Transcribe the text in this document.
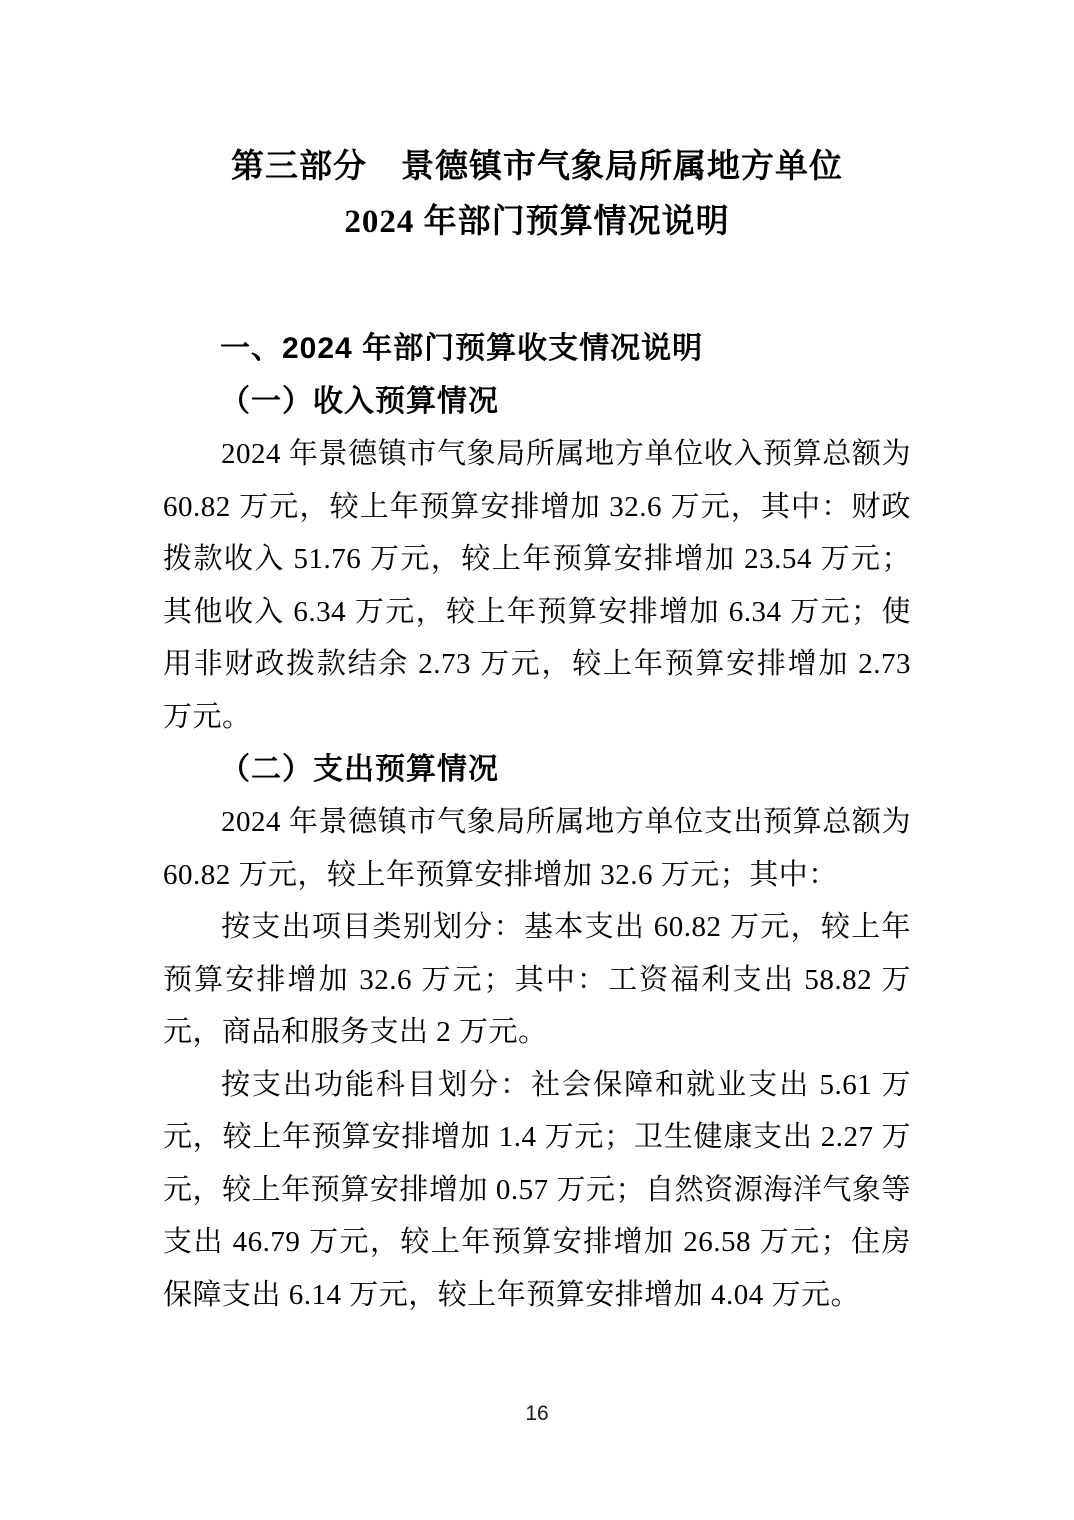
第三部分　景德镇市气象局所属地方单位
2024 年部门预算情况说明
一、2024 年部门预算收支情况说明
（一）收入预算情况

2024 年景德镇市气象局所属地方单位收入预算总额为 60.82 万元，较上年预算安排增加 32.6 万元，其中：财政拨款收入 51.76 万元，较上年预算安排增加 23.54 万元；其他收入 6.34 万元，较上年预算安排增加 6.34 万元；使用非财政拨款结余 2.73 万元，较上年预算安排增加 2.73 万元。

（二）支出预算情况

2024 年景德镇市气象局所属地方单位支出预算总额为 60.82 万元，较上年预算安排增加 32.6 万元；其中：

按支出项目类别划分：基本支出 60.82 万元，较上年预算安排增加 32.6 万元；其中：工资福利支出 58.82 万元，商品和服务支出 2 万元。

按支出功能科目划分：社会保障和就业支出 5.61 万元，较上年预算安排增加 1.4 万元；卫生健康支出 2.27 万元，较上年预算安排增加 0.57 万元；自然资源海洋气象等支出 46.79 万元，较上年预算安排增加 26.58 万元；住房保障支出 6.14 万元，较上年预算安排增加 4.04 万元。

16
